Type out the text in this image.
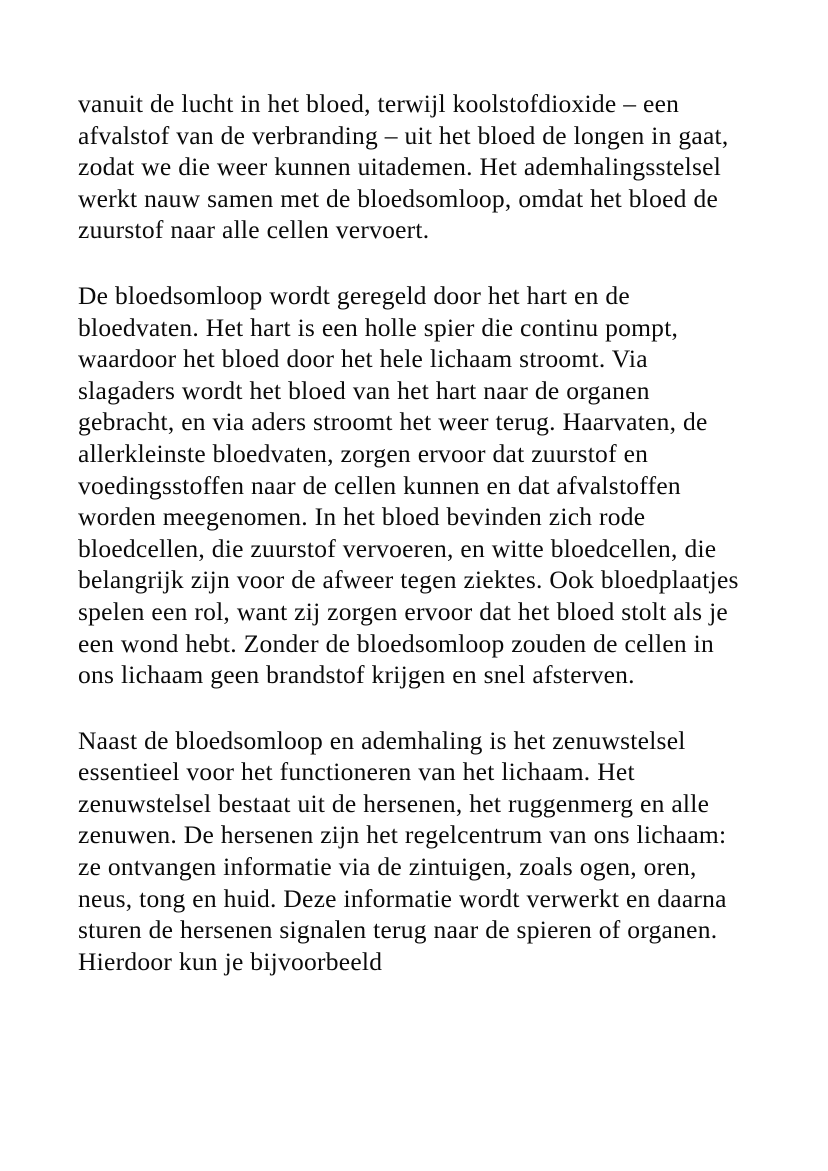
vanuit de lucht in het bloed, terwijl koolstofdioxide – een afvalstof van de verbranding – uit het bloed de longen in gaat, zodat we die weer kunnen uitademen. Het ademhalingsstelsel werkt nauw samen met de bloedsomloop, omdat het bloed de zuurstof naar alle cellen vervoert.

De bloedsomloop wordt geregeld door het hart en de bloedvaten. Het hart is een holle spier die continu pompt, waardoor het bloed door het hele lichaam stroomt. Via slagaders wordt het bloed van het hart naar de organen gebracht, en via aders stroomt het weer terug. Haarvaten, de allerkleinste bloedvaten, zorgen ervoor dat zuurstof en voedingsstoffen naar de cellen kunnen en dat afvalstoffen worden meegenomen. In het bloed bevinden zich rode bloedcellen, die zuurstof vervoeren, en witte bloedcellen, die belangrijk zijn voor de afweer tegen ziektes. Ook bloedplaatjes spelen een rol, want zij zorgen ervoor dat het bloed stolt als je een wond hebt. Zonder de bloedsomloop zouden de cellen in ons lichaam geen brandstof krijgen en snel afsterven.

Naast de bloedsomloop en ademhaling is het zenuwstelsel essentieel voor het functioneren van het lichaam. Het zenuwstelsel bestaat uit de hersenen, het ruggenmerg en alle zenuwen. De hersenen zijn het regelcentrum van ons lichaam: ze ontvangen informatie via de zintuigen, zoals ogen, oren, neus, tong en huid. Deze informatie wordt verwerkt en daarna sturen de hersenen signalen terug naar de spieren of organen. Hierdoor kun je bijvoorbeeld
